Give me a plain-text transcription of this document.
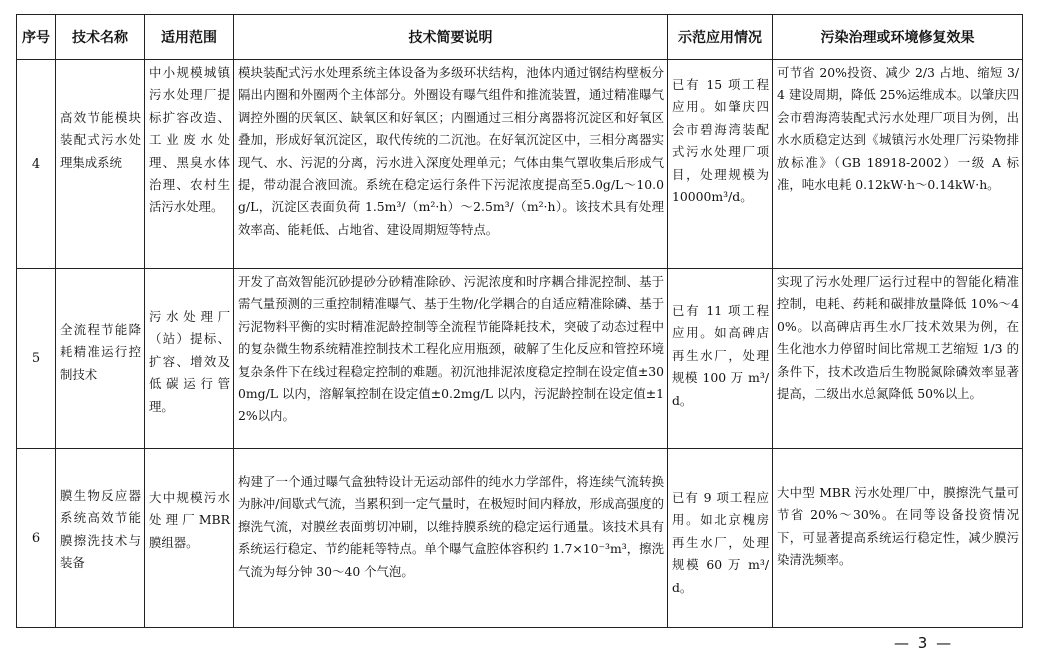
序号	技术名称	适用范围	技术简要说明	示范应用情况	污染治理或环境修复效果
4	高效节能模块装配式污水处理集成系统	中小规模城镇污水处理厂提标扩容改造、工业废水处理、黑臭水体治理、农村生活污水处理。	模块装配式污水处理系统主体设备为多级环状结构，池体内通过钢结构壁板分隔出内圈和外圈两个主体部分。外圈设有曝气组件和推流装置，通过精准曝气调控外圈的厌氧区、缺氧区和好氧区；内圈通过三相分离器将沉淀区和好氧区叠加，形成好氧沉淀区，取代传统的二沉池。在好氧沉淀区中，三相分离器实现气、水、污泥的分离，污水进入深度处理单元；气体由集气罩收集后形成气提，带动混合液回流。系统在稳定运行条件下污泥浓度提高至5.0g/L～10.0g/L，沉淀区表面负荷 1.5m³/（m²·h）～2.5m³/（m²·h）。该技术具有处理效率高、能耗低、占地省、建设周期短等特点。	已有 15 项工程应用。如肇庆四会市碧海湾装配式污水处理厂项目，处理规模为 10000m³/d。	可节省 20%投资、减少 2/3 占地、缩短 3/4 建设周期，降低 25%运维成本。以肇庆四会市碧海湾装配式污水处理厂项目为例，出水水质稳定达到《城镇污水处理厂污染物排放标准》（GB 18918-2002）一级 A 标准，吨水电耗 0.12kW·h～0.14kW·h。

5	全流程节能降耗精准运行控制技术	污水处理厂（站）提标、扩容、增效及低碳运行管理。	开发了高效智能沉砂提砂分砂精准除砂、污泥浓度和时序耦合排泥控制、基于需气量预测的三重控制精准曝气、基于生物/化学耦合的自适应精准除磷、基于污泥物料平衡的实时精准泥龄控制等全流程节能降耗技术，突破了动态过程中的复杂微生物系统精准控制技术工程化应用瓶颈，破解了生化反应和管控环境复杂条件下在线过程稳定控制的难题。初沉池排泥浓度稳定控制在设定值±300mg/L 以内，溶解氧控制在设定值±0.2mg/L 以内，污泥龄控制在设定值±12%以内。	已有 11 项工程应用。如高碑店再生水厂，处理规模 100 万 m³/d。	实现了污水处理厂运行过程中的智能化精准控制，电耗、药耗和碳排放量降低 10%～40%。以高碑店再生水厂技术效果为例，在生化池水力停留时间比常规工艺缩短 1/3 的条件下，技术改造后生物脱氮除磷效率显著提高，二级出水总氮降低 50%以上。

6	膜生物反应器系统高效节能膜擦洗技术与装备	大中规模污水处理厂MBR 膜组器。	构建了一个通过曝气盒独特设计无运动部件的纯水力学部件，将连续气流转换为脉冲/间歇式气流，当累积到一定气量时，在极短时间内释放，形成高强度的擦洗气流，对膜丝表面剪切冲刷，以维持膜系统的稳定运行通量。该技术具有系统运行稳定、节约能耗等特点。单个曝气盒腔体容积约 1.7×10⁻³m³，擦洗气流为每分钟 30～40 个气泡。	已有 9 项工程应用。如北京槐房再生水厂，处理规模 60 万 m³/d。	大中型 MBR 污水处理厂中，膜擦洗气量可节省 20%～30%。在同等设备投资情况下，可显著提高系统运行稳定性，减少膜污染清洗频率。
— 3 —
